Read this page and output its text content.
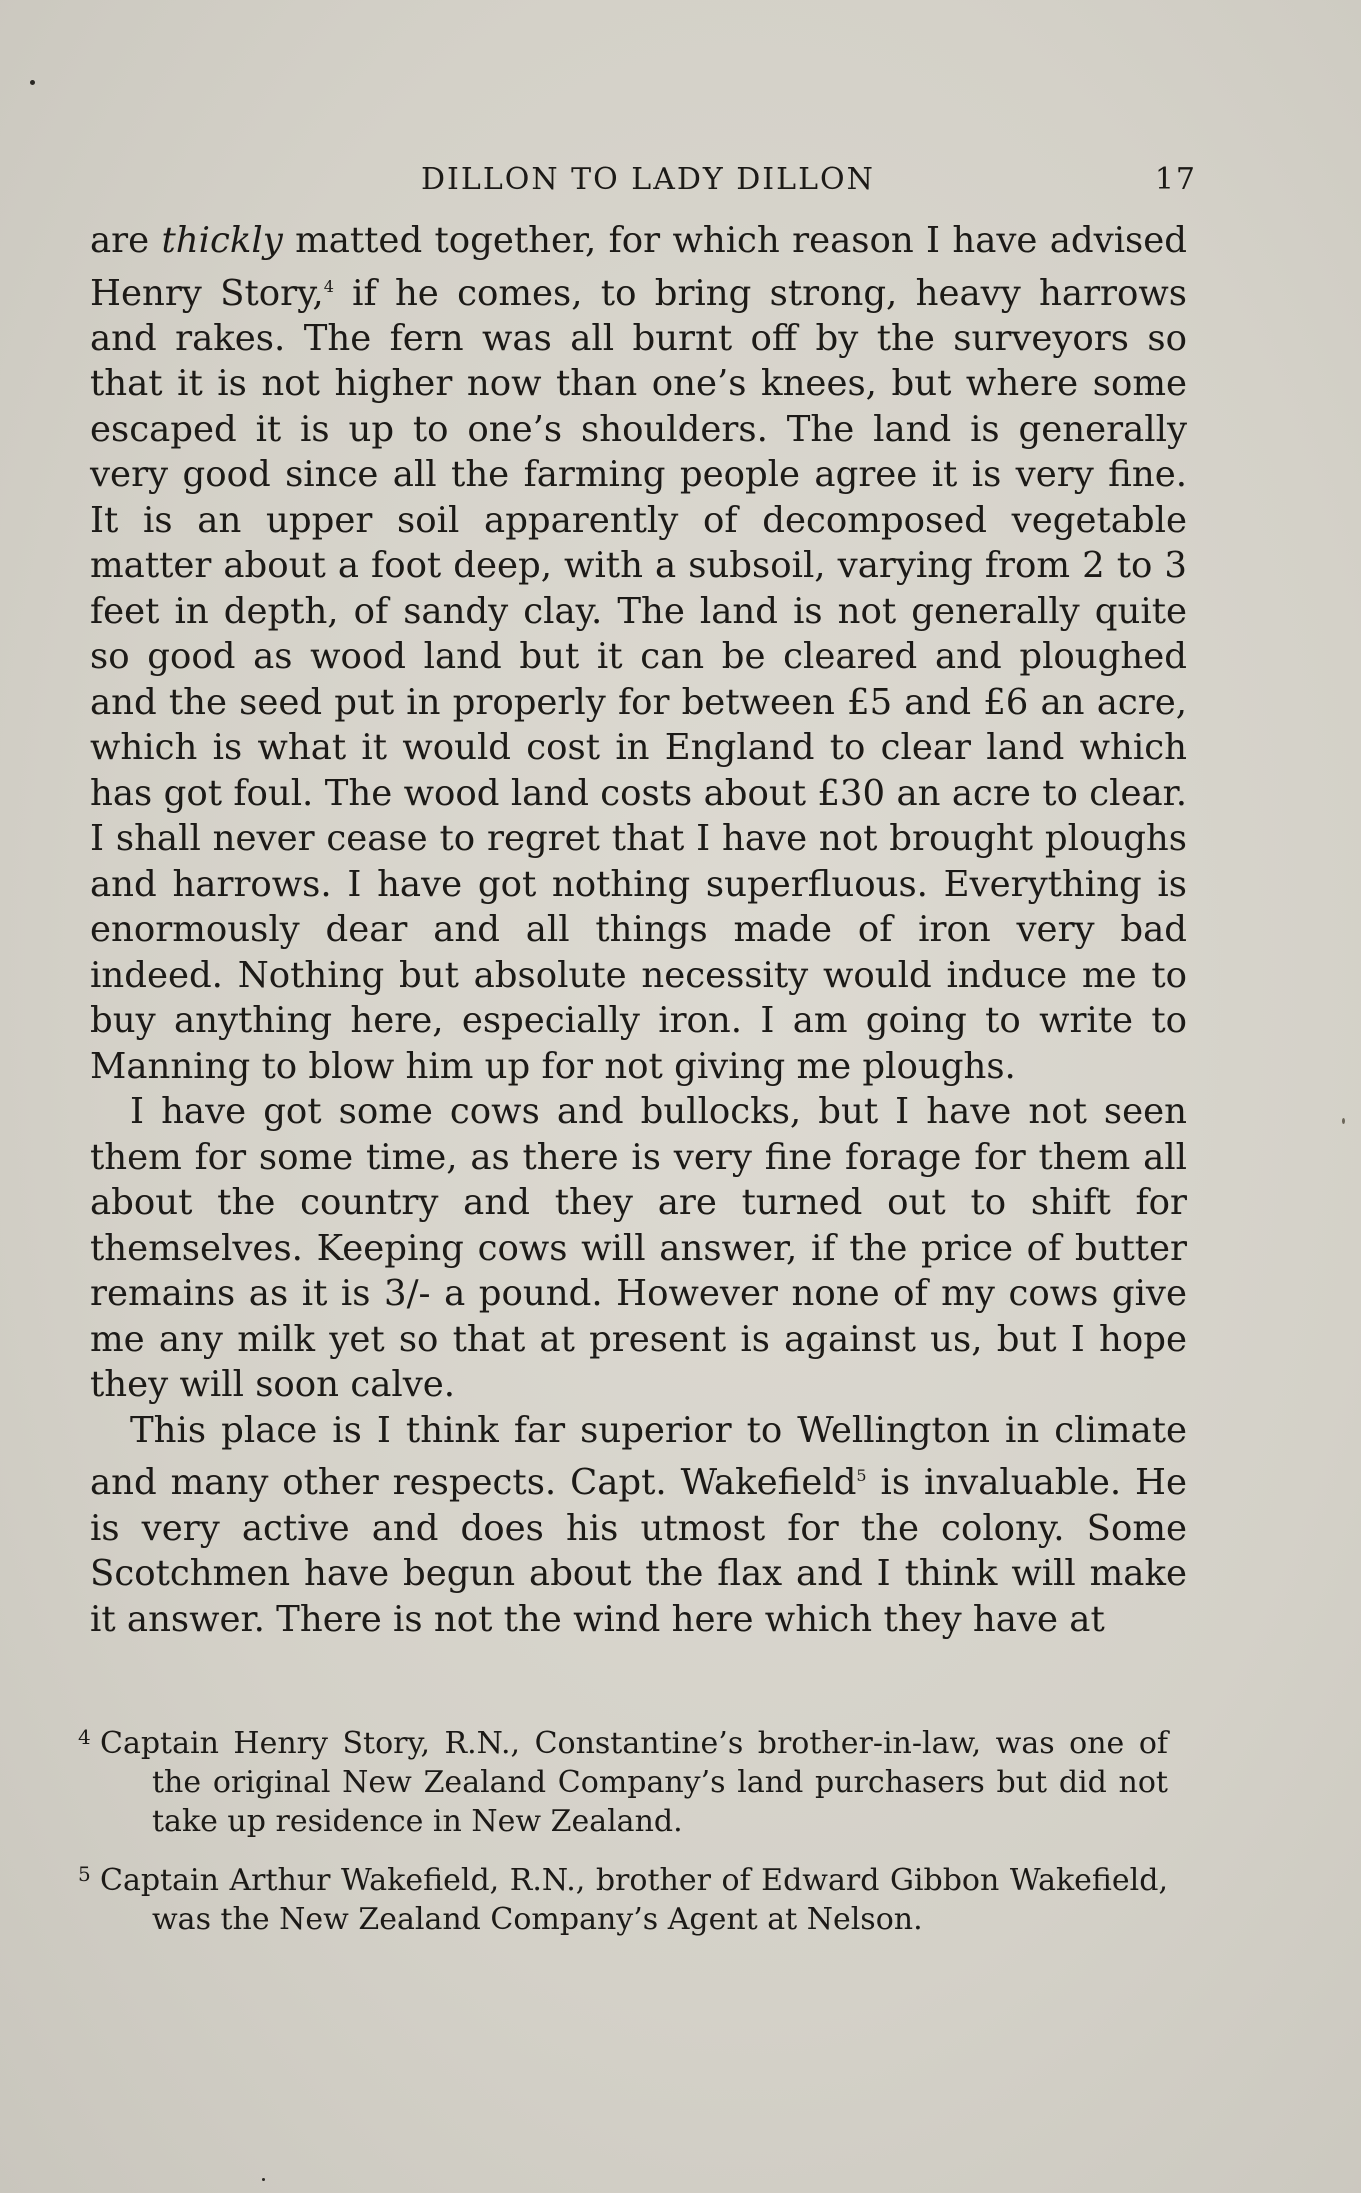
DILLON TO LADY DILLON	17

are thickly matted together, for which reason I have advised Henry Story,$^4$ if he comes, to bring strong, heavy harrows and rakes. The fern was all burnt off by the surveyors so that it is not higher now than one’s knees, but where some escaped it is up to one’s shoulders. The land is generally very good since all the farming people agree it is very fine. It is an upper soil apparently of decomposed vegetable matter about a foot deep, with a subsoil, varying from 2 to 3 feet in depth, of sandy clay. The land is not generally quite so good as wood land but it can be cleared and ploughed and the seed put in properly for between £5 and £6 an acre, which is what it would cost in England to clear land which has got foul. The wood land costs about £30 an acre to clear. I shall never cease to regret that I have not brought ploughs and harrows. I have got nothing superfluous. Everything is enormously dear and all things made of iron very bad indeed. Nothing but absolute necessity would induce me to buy anything here, especially iron. I am going to write to Manning to blow him up for not giving me ploughs.

I have got some cows and bullocks, but I have not seen them for some time, as there is very fine forage for them all about the country and they are turned out to shift for themselves. Keeping cows will answer, if the price of butter remains as it is 3/- a pound. However none of my cows give me any milk yet so that at present is against us, but I hope they will soon calve.

This place is I think far superior to Wellington in climate and many other respects. Capt. Wakefield$^5$ is invaluable. He is very active and does his utmost for the colony. Some Scotchmen have begun about the flax and I think will make it answer. There is not the wind here which they have at

4 Captain Henry Story, R.N., Constantine’s brother-in-law, was one of the original New Zealand Company’s land purchasers but did not take up residence in New Zealand.

5 Captain Arthur Wakefield, R.N., brother of Edward Gibbon Wakefield, was the New Zealand Company’s Agent at Nelson.
